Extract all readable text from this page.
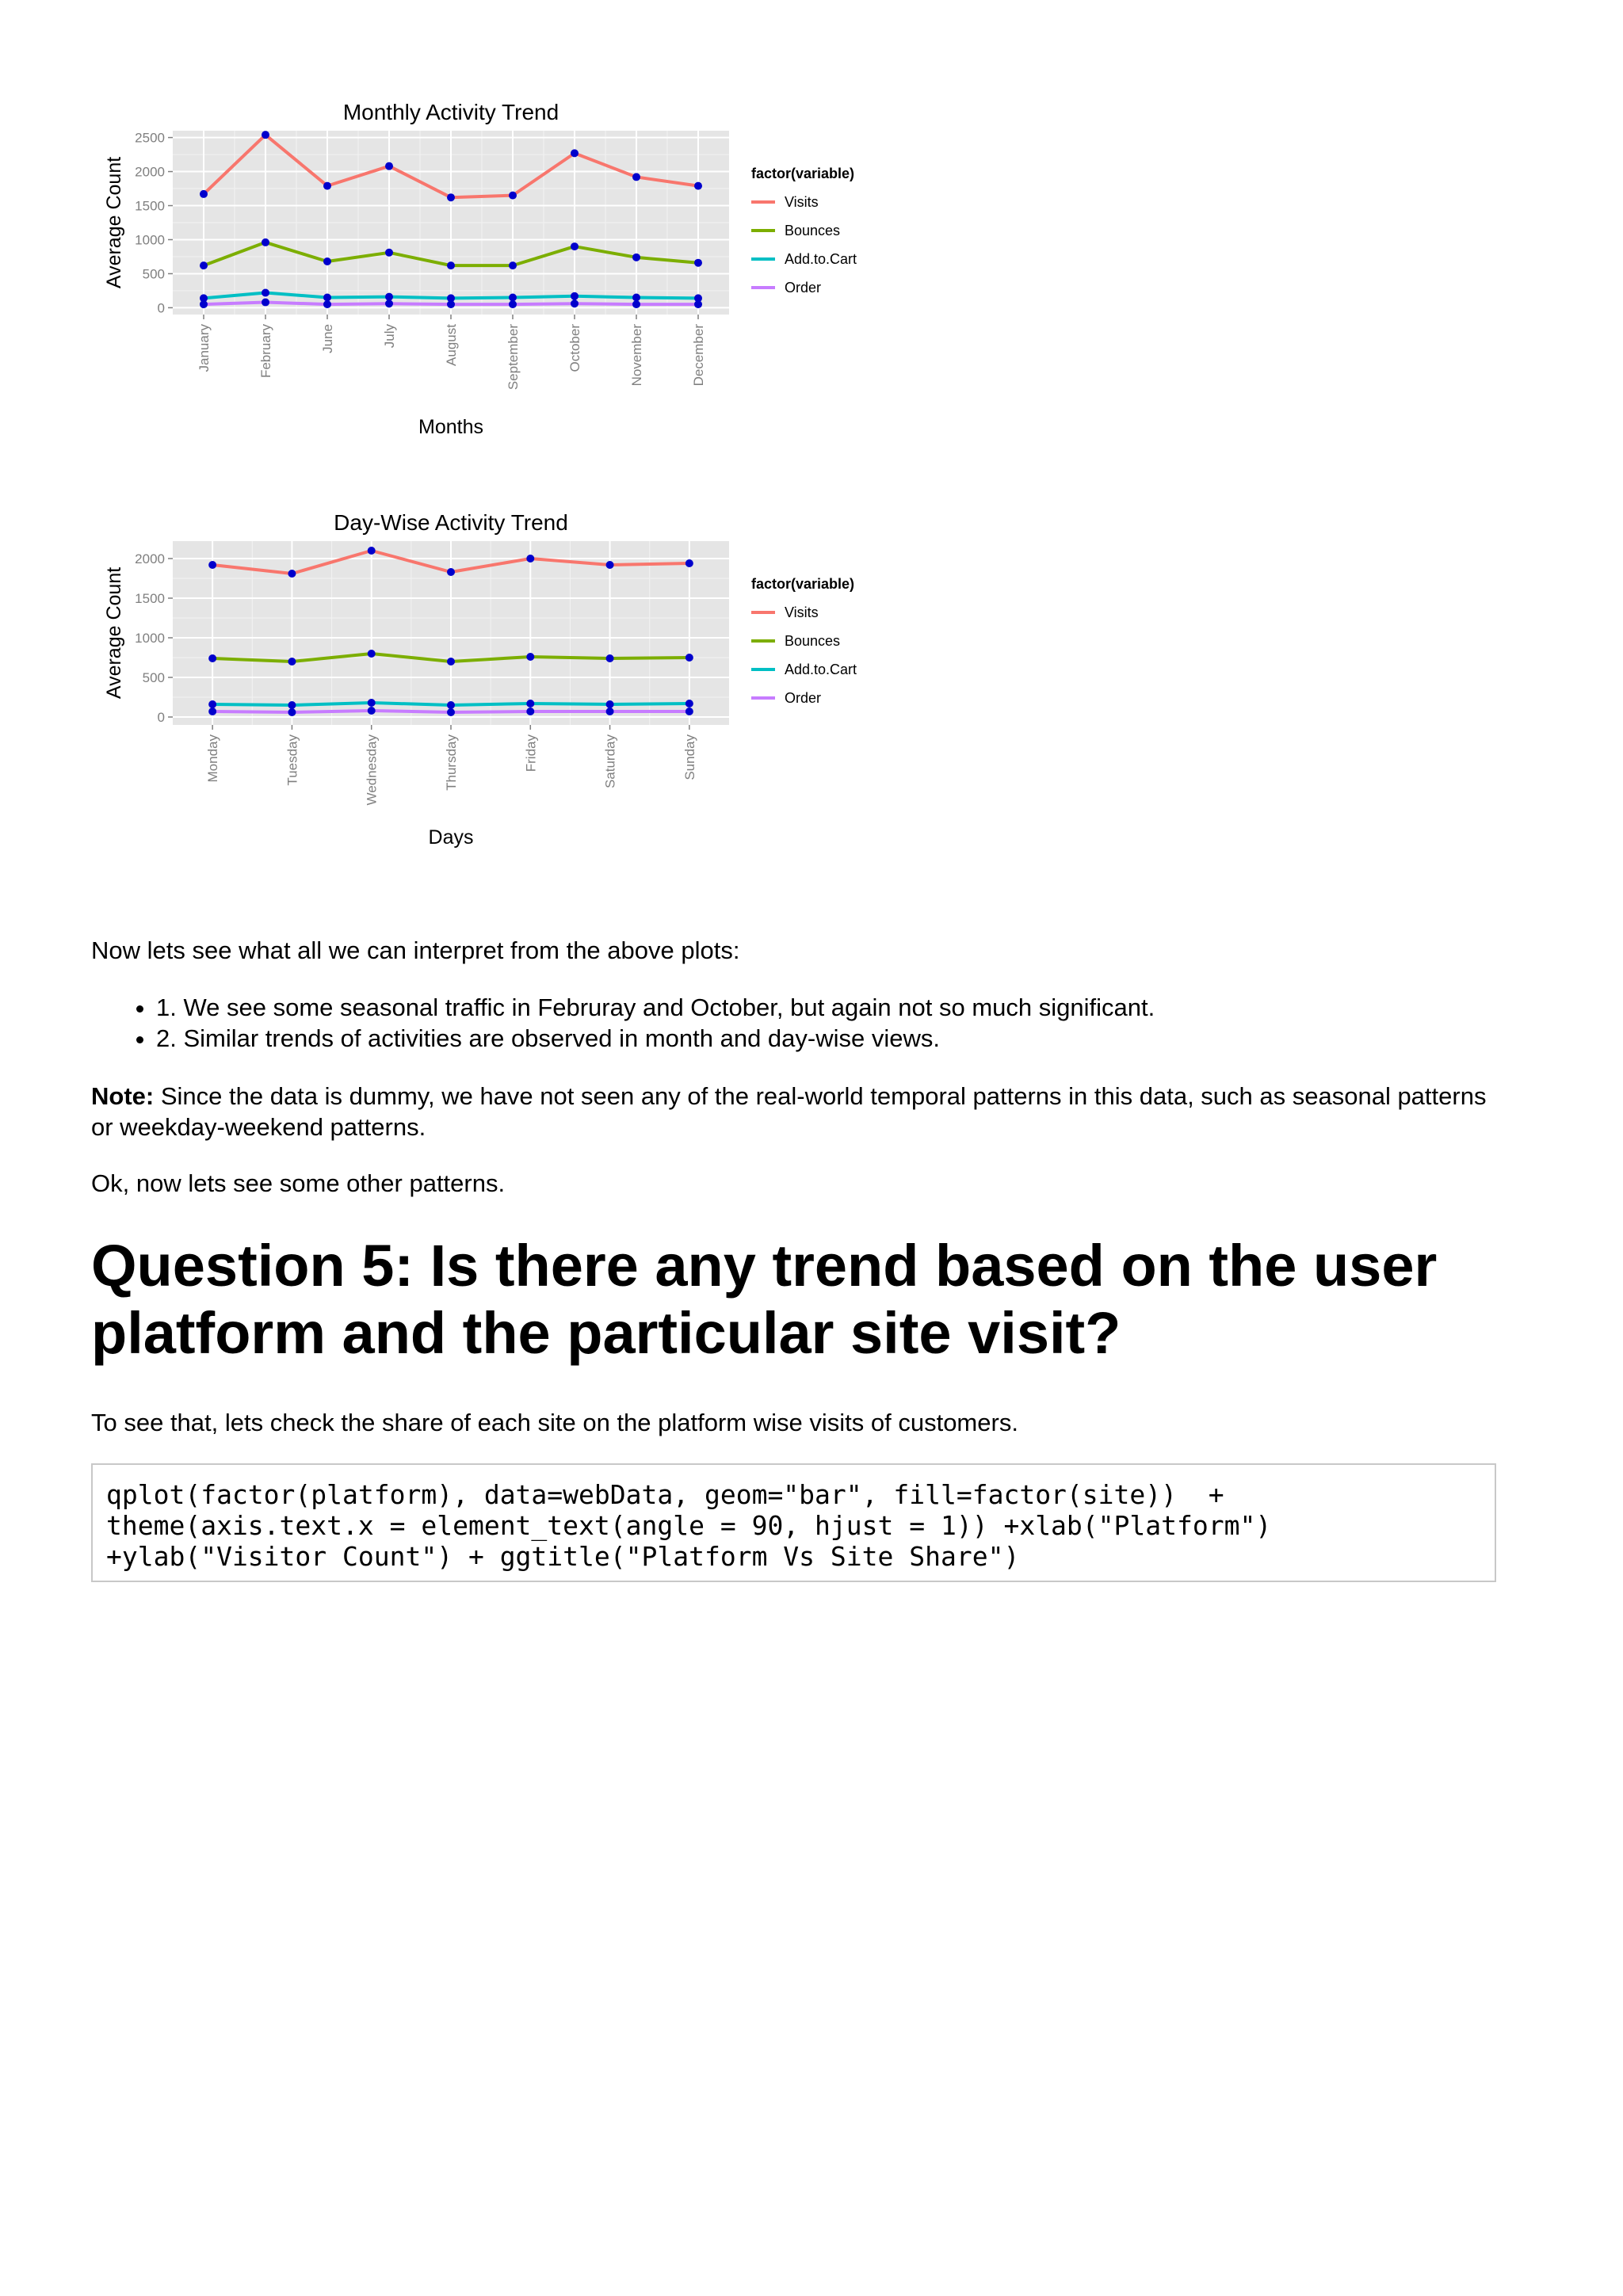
2500
2000
1500
1000
500
0
January	February	June	July	August	September	October	November	December
Monthly Activity Trend
Months
Average Count	factor(variable)
Visits
Bounces
Add.to.Cart
Order
2000
1500
1000
500
0
Monday	Tuesday	Wednesday	Thursday	Friday	Saturday	Sunday
Day-Wise Activity Trend
Days
Average Count	factor(variable)
Visits
Bounces
Add.to.Cart
Order

Now lets see what all we can interpret from the above plots:

• 1. We see some seasonal traffic in Februray and October, but again not so much significant.
• 2. Similar trends of activities are observed in month and day-wise views.

Note: Since the data is dummy, we have not seen any of the real-world temporal patterns in this data, such as seasonal patterns or weekday-weekend patterns.

Ok, now lets see some other patterns.

Question 5: Is there any trend based on the user platform and the particular site visit?

To see that, lets check the share of each site on the platform wise visits of customers.

qplot(factor(platform), data=webData, geom="bar", fill=factor(site))  +
theme(axis.text.x = element_text(angle = 90, hjust = 1)) +xlab("Platform")
+ylab("Visitor Count") + ggtitle("Platform Vs Site Share")
